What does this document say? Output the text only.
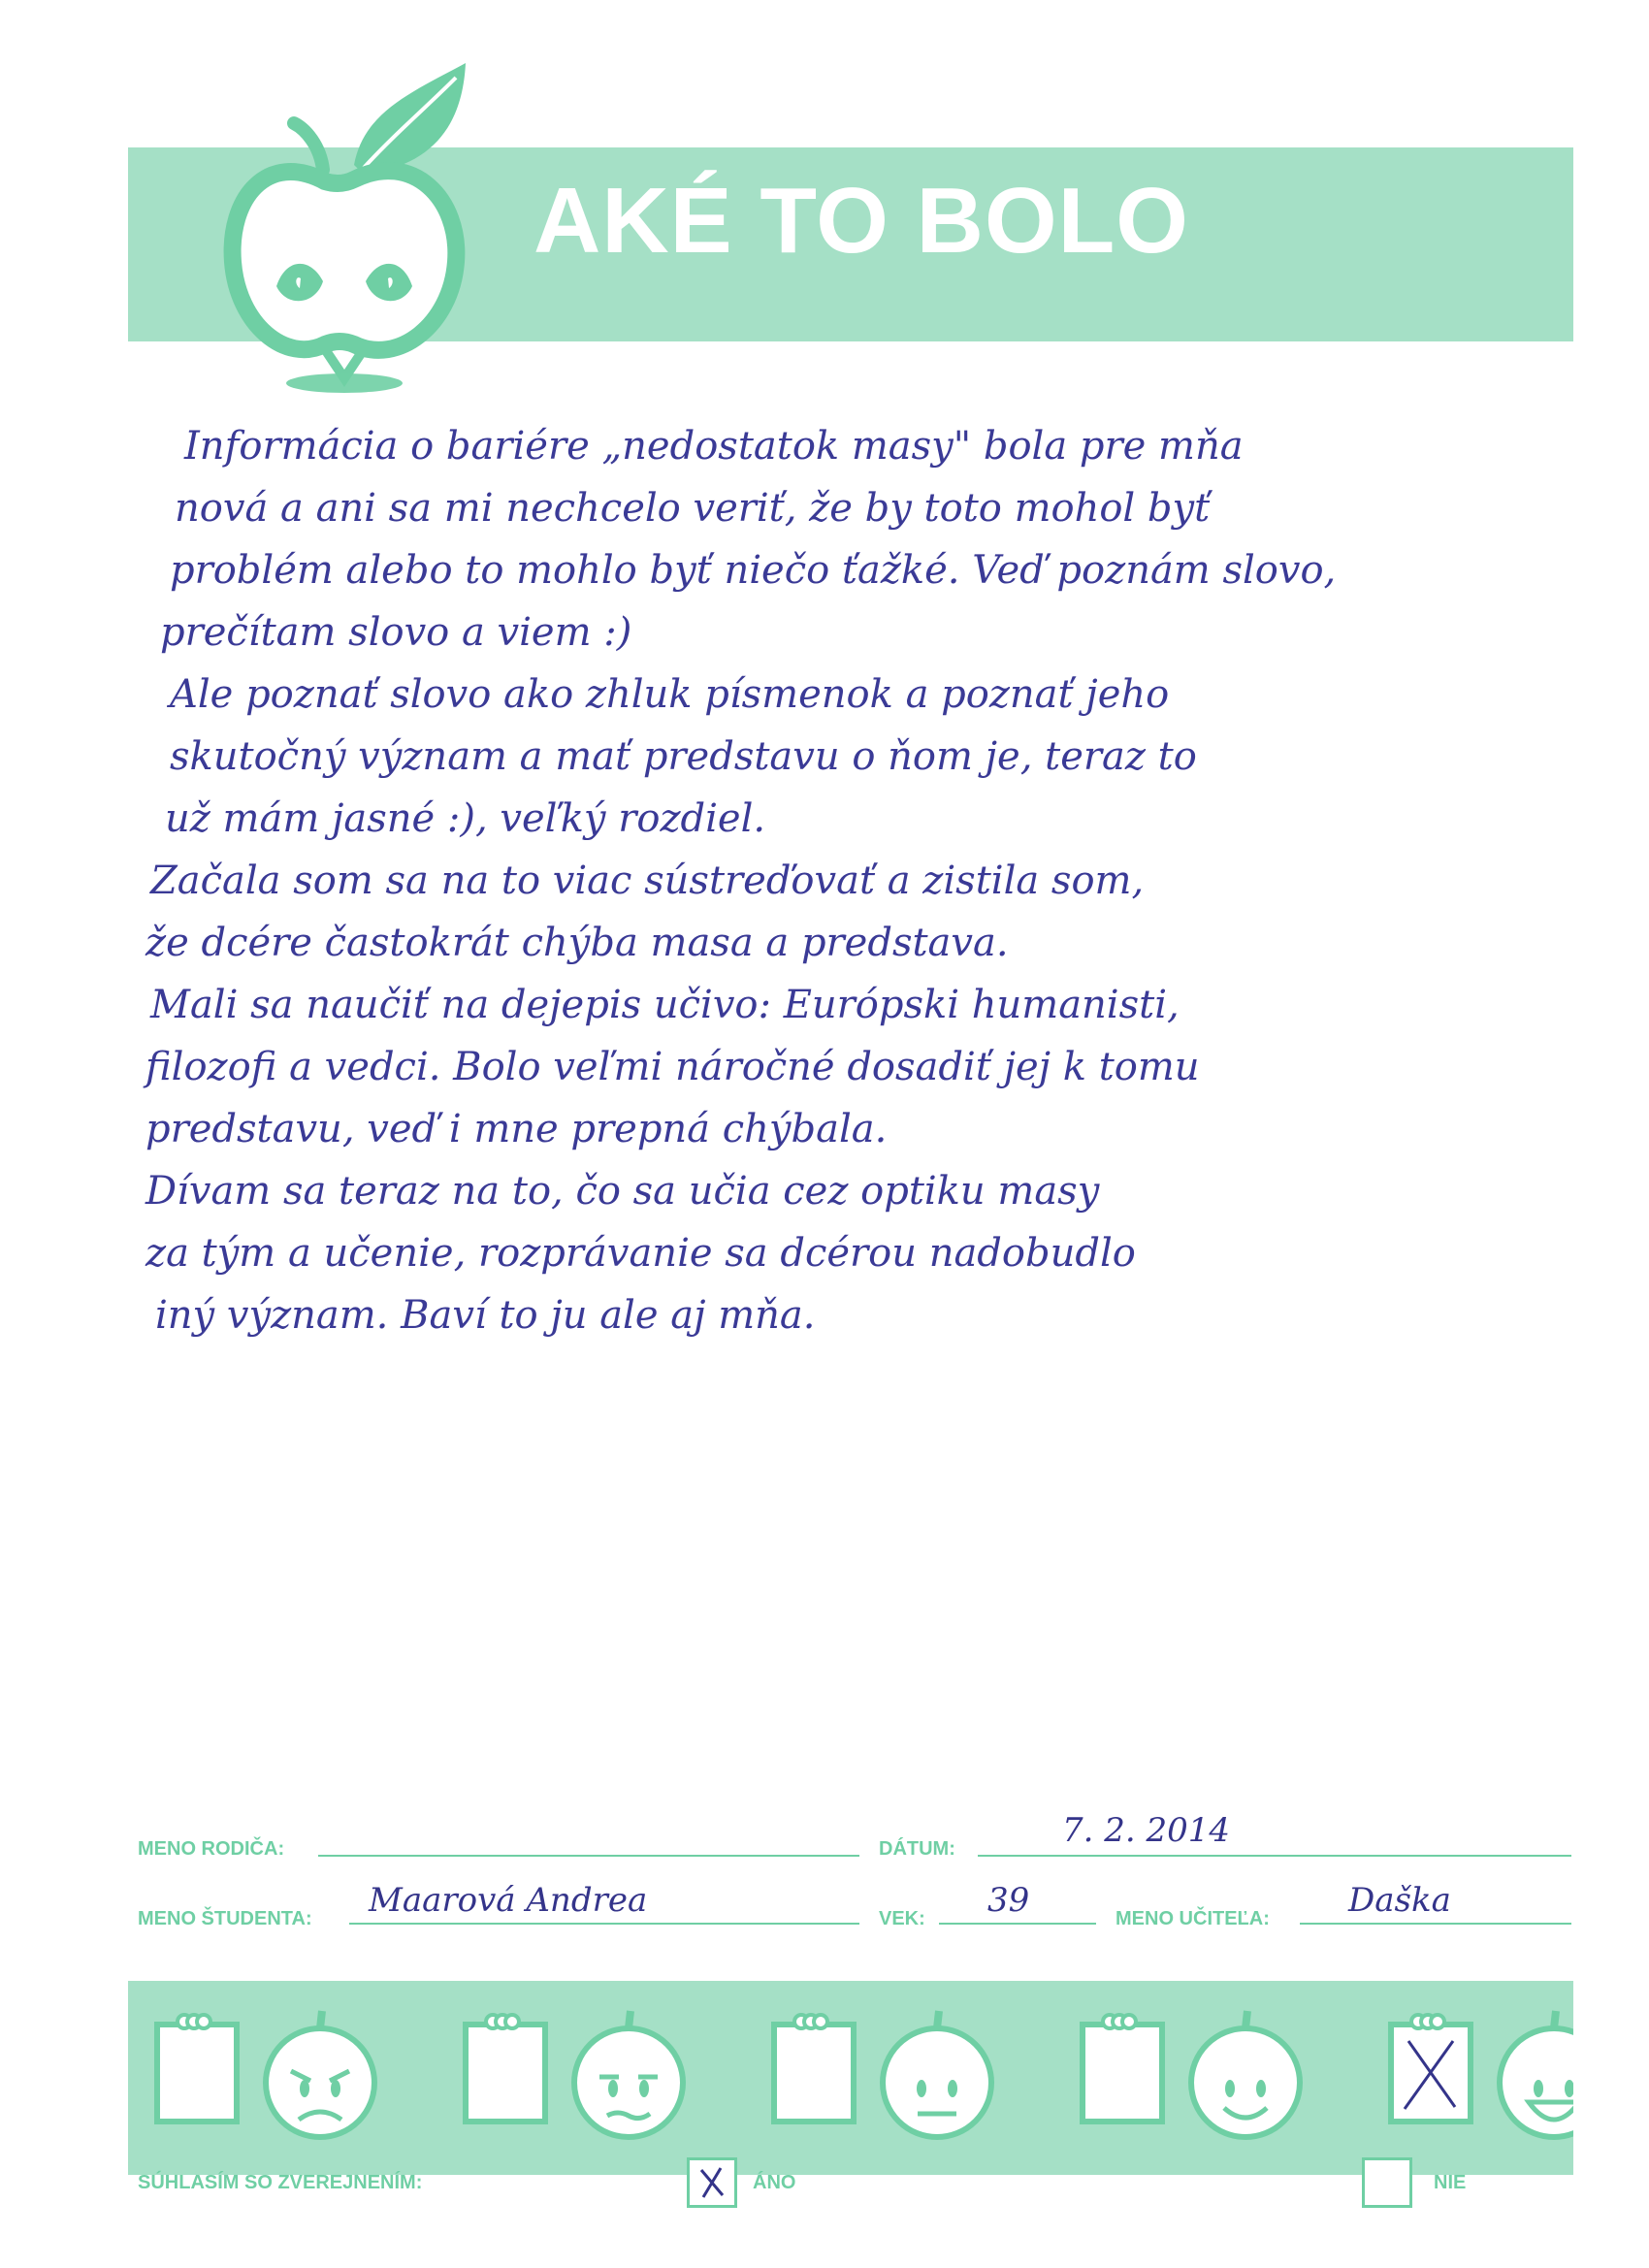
AKÉ TO BOLO
Informácia o bariére „nedostatok masy" bola pre mňa
nová a ani sa mi nechcelo veriť, že by toto mohol byť
problém alebo to mohlo byť niečo ťažké. Veď poznám slovo,
prečítam slovo a viem :)
Ale poznať slovo ako zhluk písmenok a poznať jeho
skutočný význam a mať predstavu o ňom je, teraz to
už mám jasné :), veľký rozdiel.
Začala som sa na to viac sústreďovať a zistila som,
že dcére častokrát chýba masa a predstava.
Mali sa naučiť na dejepis učivo: Európski humanisti,
filozofi a vedci. Bolo veľmi náročné dosadiť jej k tomu
predstavu, veď i mne prepná chýbala.
Dívam sa teraz na to, čo sa učia cez optiku masy
za tým a učenie, rozprávanie sa dcérou nadobudlo
iný význam. Baví to ju ale aj mňa.
MENO RODIČA:	DÁTUM:	7. 2. 2014
MENO ŠTUDENTA: Maarová Andrea	VEK: 39	MENO UČITEĽA: Daška
SÚHLASÍM SO ZVEREJNENÍM:	ÁNO	NIE
